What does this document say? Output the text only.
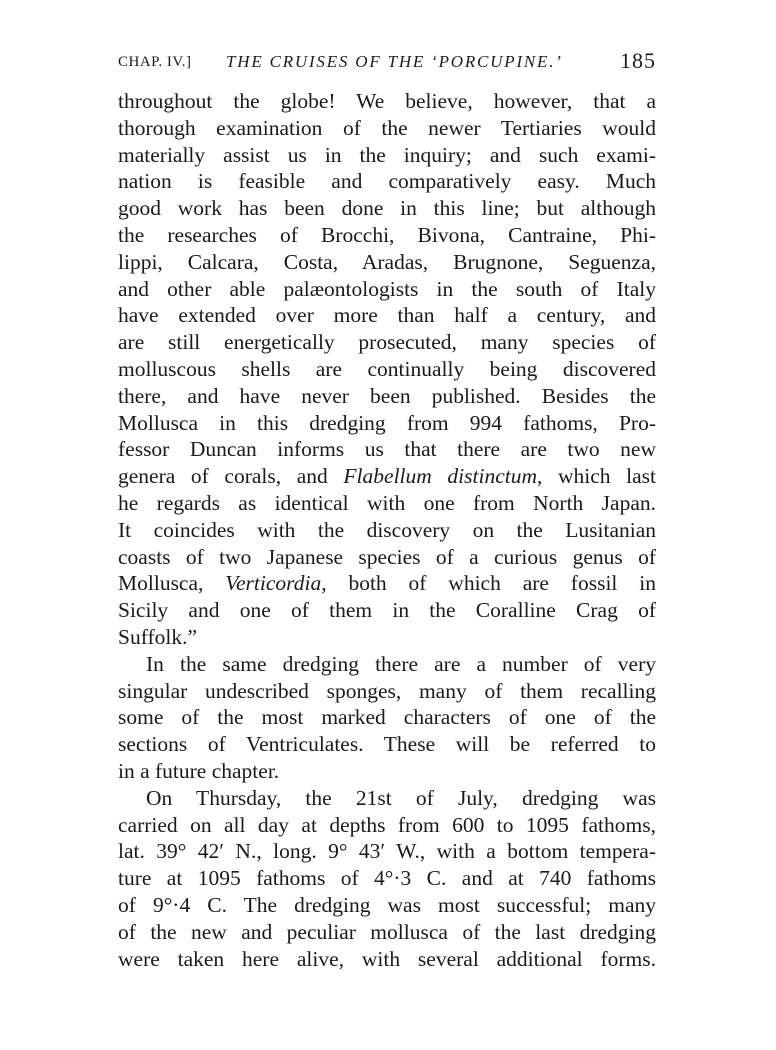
CHAP. IV.] THE CRUISES OF THE ‘PORCUPINE.’	185
throughout the globe! We believe, however, that a
thorough examination of the newer Tertiaries would
materially assist us in the inquiry; and such exami-
nation is feasible and comparatively easy. Much
good work has been done in this line; but although
the researches of Brocchi, Bivona, Cantraine, Phi-
lippi, Calcara, Costa, Aradas, Brugnone, Seguenza,
and other able palæontologists in the south of Italy
have extended over more than half a century, and
are still energetically prosecuted, many species of
molluscous shells are continually being discovered
there, and have never been published. Besides the
Mollusca in this dredging from 994 fathoms, Pro-
fessor Duncan informs us that there are two new
genera of corals, and Flabellum distinctum, which last
he regards as identical with one from North Japan.
It coincides with the discovery on the Lusitanian
coasts of two Japanese species of a curious genus of
Mollusca, Verticordia, both of which are fossil in
Sicily and one of them in the Coralline Crag of
Suffolk.”
In the same dredging there are a number of very
singular undescribed sponges, many of them recalling
some of the most marked characters of one of the
sections of Ventriculates. These will be referred to
in a future chapter.
On Thursday, the 21st of July, dredging was
carried on all day at depths from 600 to 1095 fathoms,
lat. 39° 42′ N., long. 9° 43′ W., with a bottom tempera-
ture at 1095 fathoms of 4°·3 C. and at 740 fathoms
of 9°·4 C. The dredging was most successful; many
of the new and peculiar mollusca of the last dredging
were taken here alive, with several additional forms.
